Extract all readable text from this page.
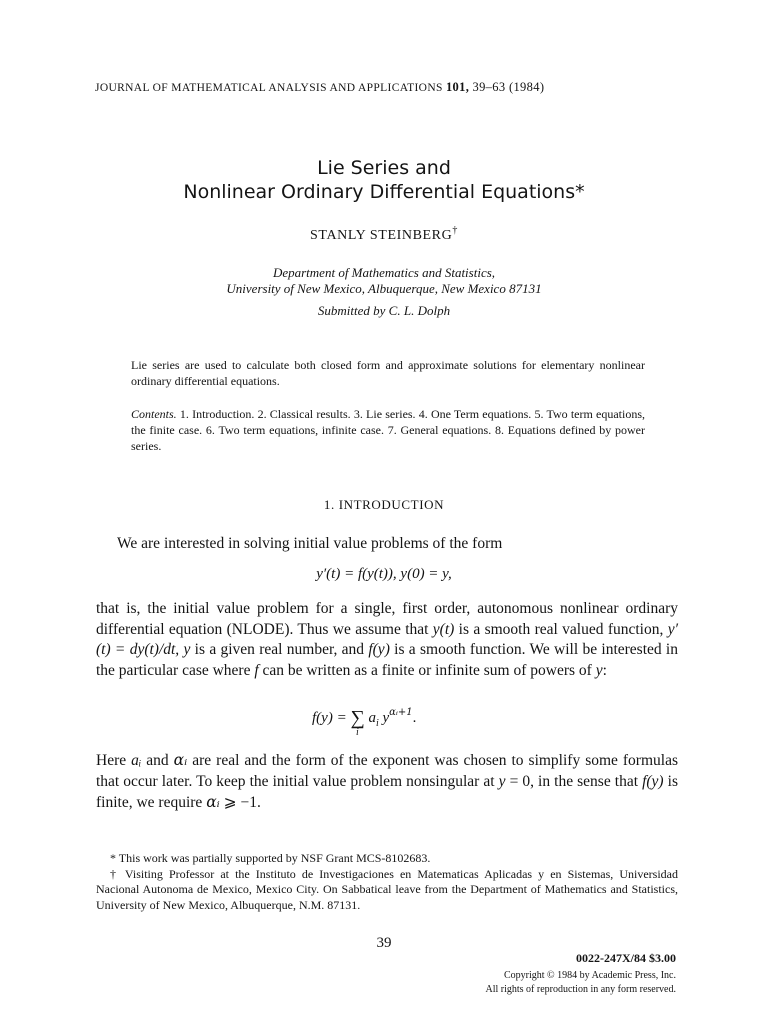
JOURNAL OF MATHEMATICAL ANALYSIS AND APPLICATIONS 101, 39–63 (1984)
Lie Series and
Nonlinear Ordinary Differential Equations*
STANLY STEINBERG†
Department of Mathematics and Statistics,
University of New Mexico, Albuquerque, New Mexico 87131
Submitted by C. L. Dolph
Lie series are used to calculate both closed form and approximate solutions for elementary nonlinear ordinary differential equations.
Contents. 1. Introduction. 2. Classical results. 3. Lie series. 4. One Term equations. 5. Two term equations, the finite case. 6. Two term equations, infinite case. 7. General equations. 8. Equations defined by power series.
1. INTRODUCTION
We are interested in solving initial value problems of the form
y′(t) = f(y(t)), y(0) = y,
that is, the initial value problem for a single, first order, autonomous nonlinear ordinary differential equation (NLODE). Thus we assume that y(t) is a smooth real valued function, y′(t) = dy(t)/dt, y is a given real number, and f(y) is a smooth function. We will be interested in the particular case where f can be written as a finite or infinite sum of powers of y:
f(y) = ∑
i
$a_i$ $y^{\alpha ᵢ+1}$.
Here aᵢ and αᵢ are real and the form of the exponent was chosen to simplify some formulas that occur later. To keep the initial value problem nonsingular at y = 0, in the sense that f(y) is finite, we require αᵢ ⩾ −1.

* This work was partially supported by NSF Grant MCS-8102683.

† Visiting Professor at the Instituto de Investigaciones en Matematicas Aplicadas y en Sistemas, Universidad Nacional Autonoma de Mexico, Mexico City. On Sabbatical leave from the Department of Mathematics and Statistics, University of New Mexico, Albuquerque, N.M. 87131.

39
0022-247X/84 $3.00
Copyright © 1984 by Academic Press, Inc.
All rights of reproduction in any form reserved.
